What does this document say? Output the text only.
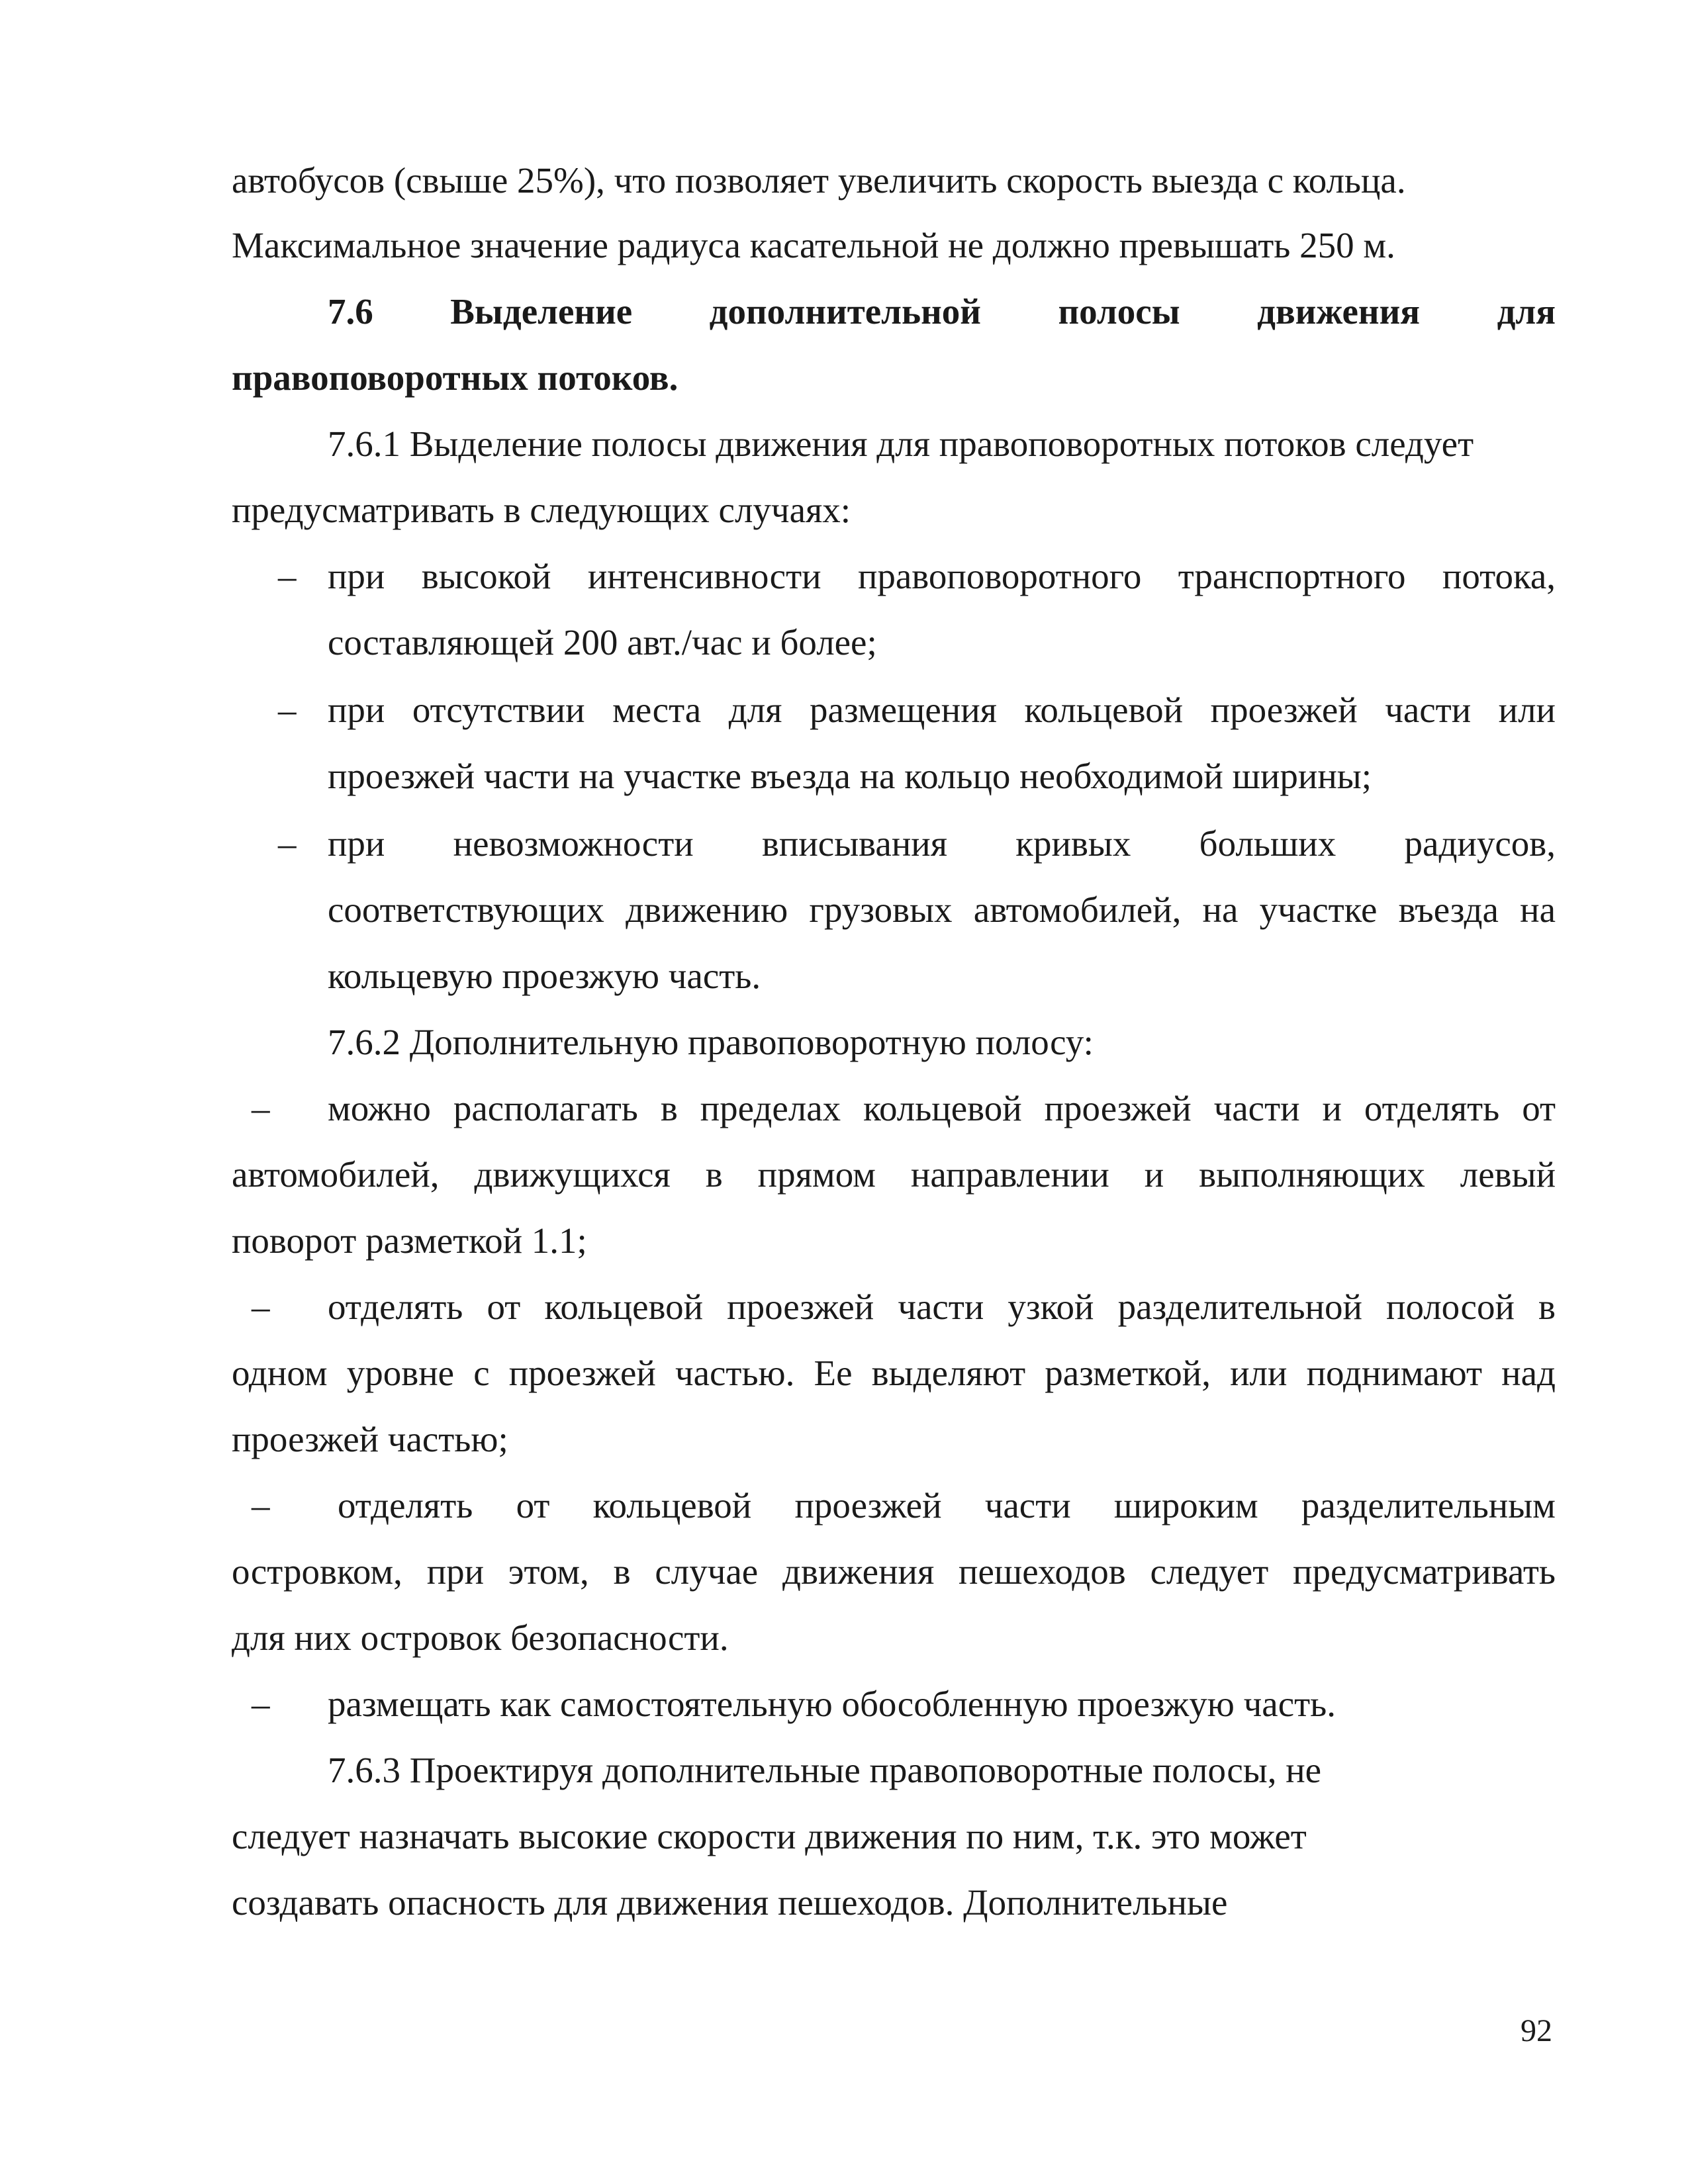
автобусов (свыше 25%), что позволяет увеличить скорость выезда с кольца.
Максимальное значение радиуса касательной не должно превышать 250 м.
7.6 Выделение дополнительной полосы движения для
правоповоротных потоков.
7.6.1 Выделение полосы движения для правоповоротных потоков следует
предусматривать в следующих случаях:
– при высокой интенсивности правоповоротного транспортного потока,
составляющей 200 авт./час и более;
– при отсутствии места для размещения кольцевой проезжей части или
проезжей части на участке въезда на кольцо необходимой ширины;
– при невозможности вписывания кривых больших радиусов,
соответствующих движению грузовых автомобилей, на участке въезда на
кольцевую проезжую часть.
7.6.2 Дополнительную правоповоротную полосу:
– можно располагать в пределах кольцевой проезжей части и отделять от
автомобилей, движущихся в прямом направлении и выполняющих левый
поворот разметкой 1.1;
– отделять от кольцевой проезжей части узкой разделительной полосой в
одном уровне с проезжей частью. Ее выделяют разметкой, или поднимают над
проезжей частью;
– отделять от кольцевой проезжей части широким разделительным
островком, при этом, в случае движения пешеходов следует предусматривать
для них островок безопасности.
– размещать как самостоятельную обособленную проезжую часть.
7.6.3 Проектируя дополнительные правоповоротные полосы, не
следует назначать высокие скорости движения по ним, т.к. это может
создавать опасность для движения пешеходов. Дополнительные
92
